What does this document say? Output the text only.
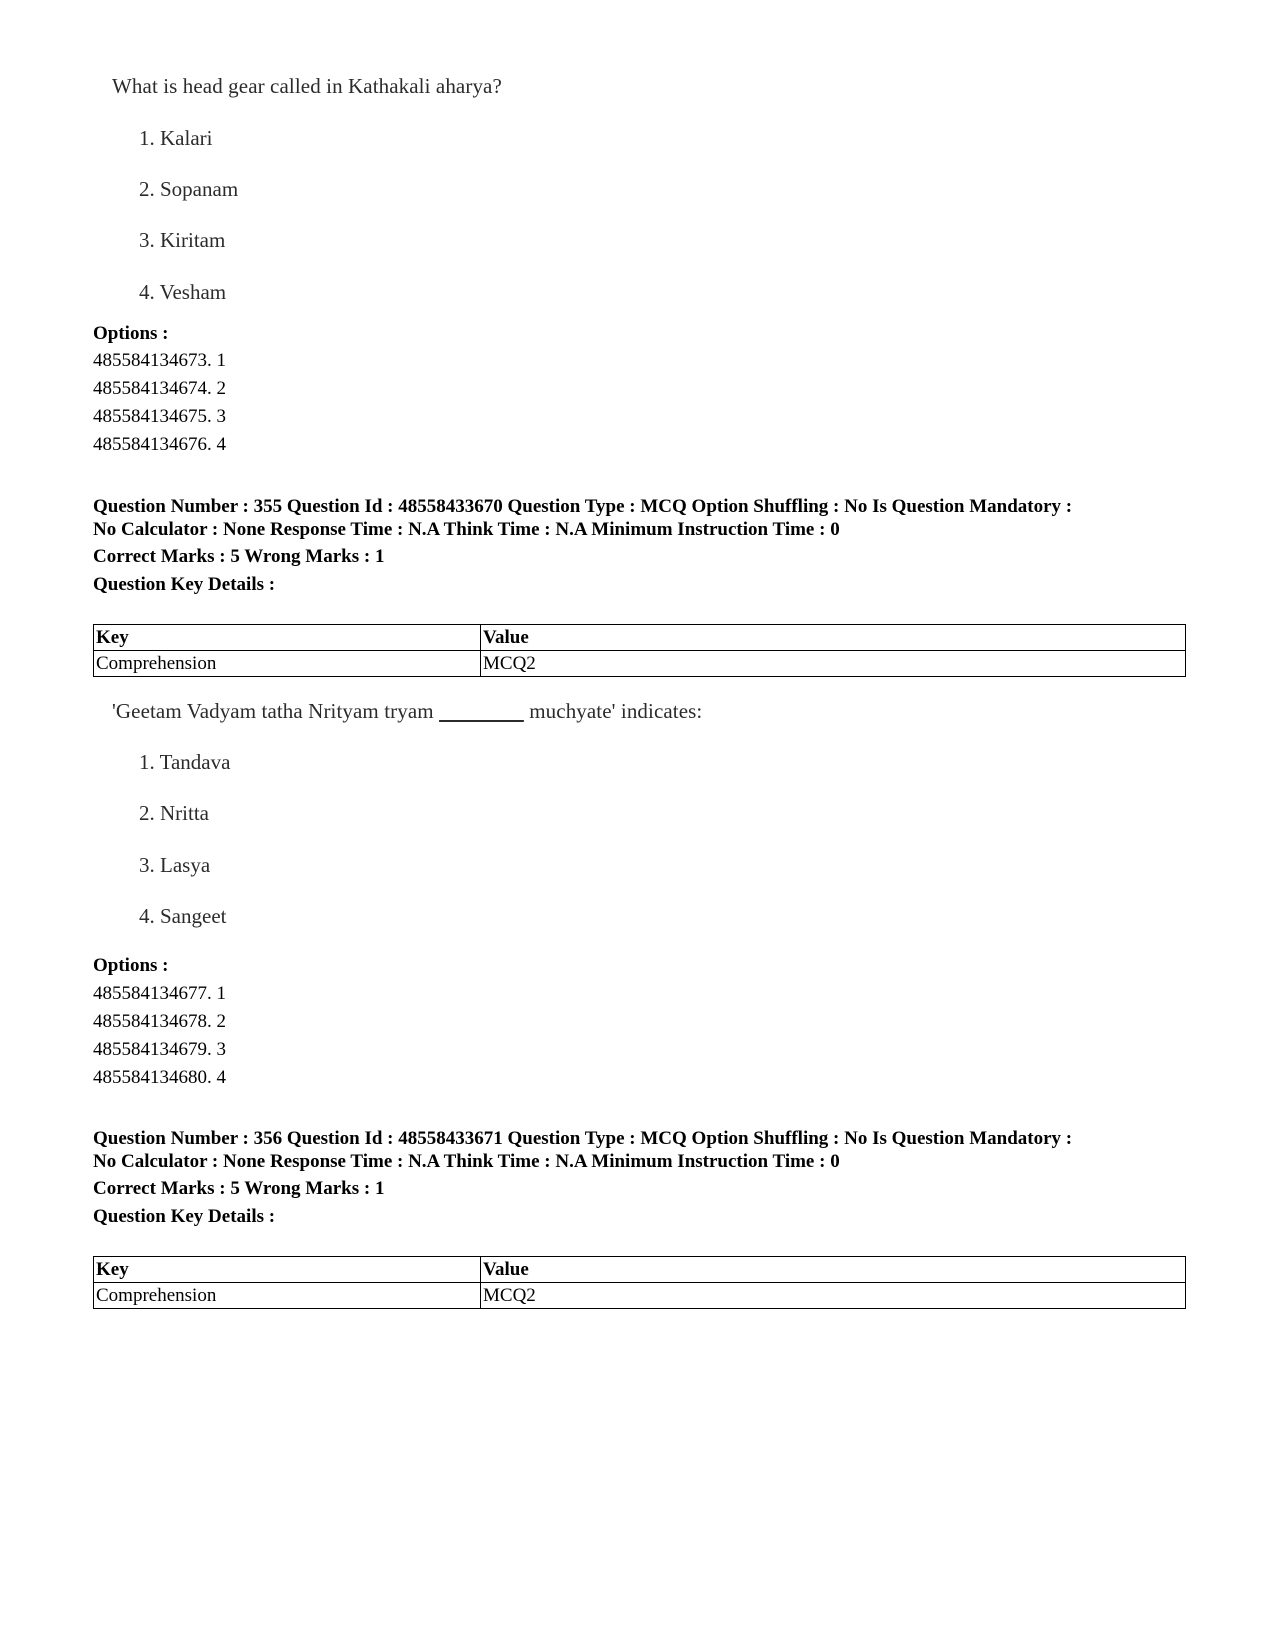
What is head gear called in Kathakali aharya?
1. Kalari
2. Sopanam
3. Kiritam
4. Vesham
Options :
485584134673. 1
485584134674. 2
485584134675. 3
485584134676. 4
Question Number : 355 Question Id : 48558433670 Question Type : MCQ Option Shuffling : No Is Question Mandatory :
No Calculator : None Response Time : N.A Think Time : N.A Minimum Instruction Time : 0
Correct Marks : 5 Wrong Marks : 1
Question Key Details :
Key	Value
Comprehension	MCQ2
'Geetam Vadyam tatha Nrityam tryam	muchyate' indicates:
1. Tandava
2. Nritta
3. Lasya
4. Sangeet
Options :
485584134677. 1
485584134678. 2
485584134679. 3
485584134680. 4
Question Number : 356 Question Id : 48558433671 Question Type : MCQ Option Shuffling : No Is Question Mandatory :
No Calculator : None Response Time : N.A Think Time : N.A Minimum Instruction Time : 0
Correct Marks : 5 Wrong Marks : 1
Question Key Details :
Key	Value
Comprehension	MCQ2
